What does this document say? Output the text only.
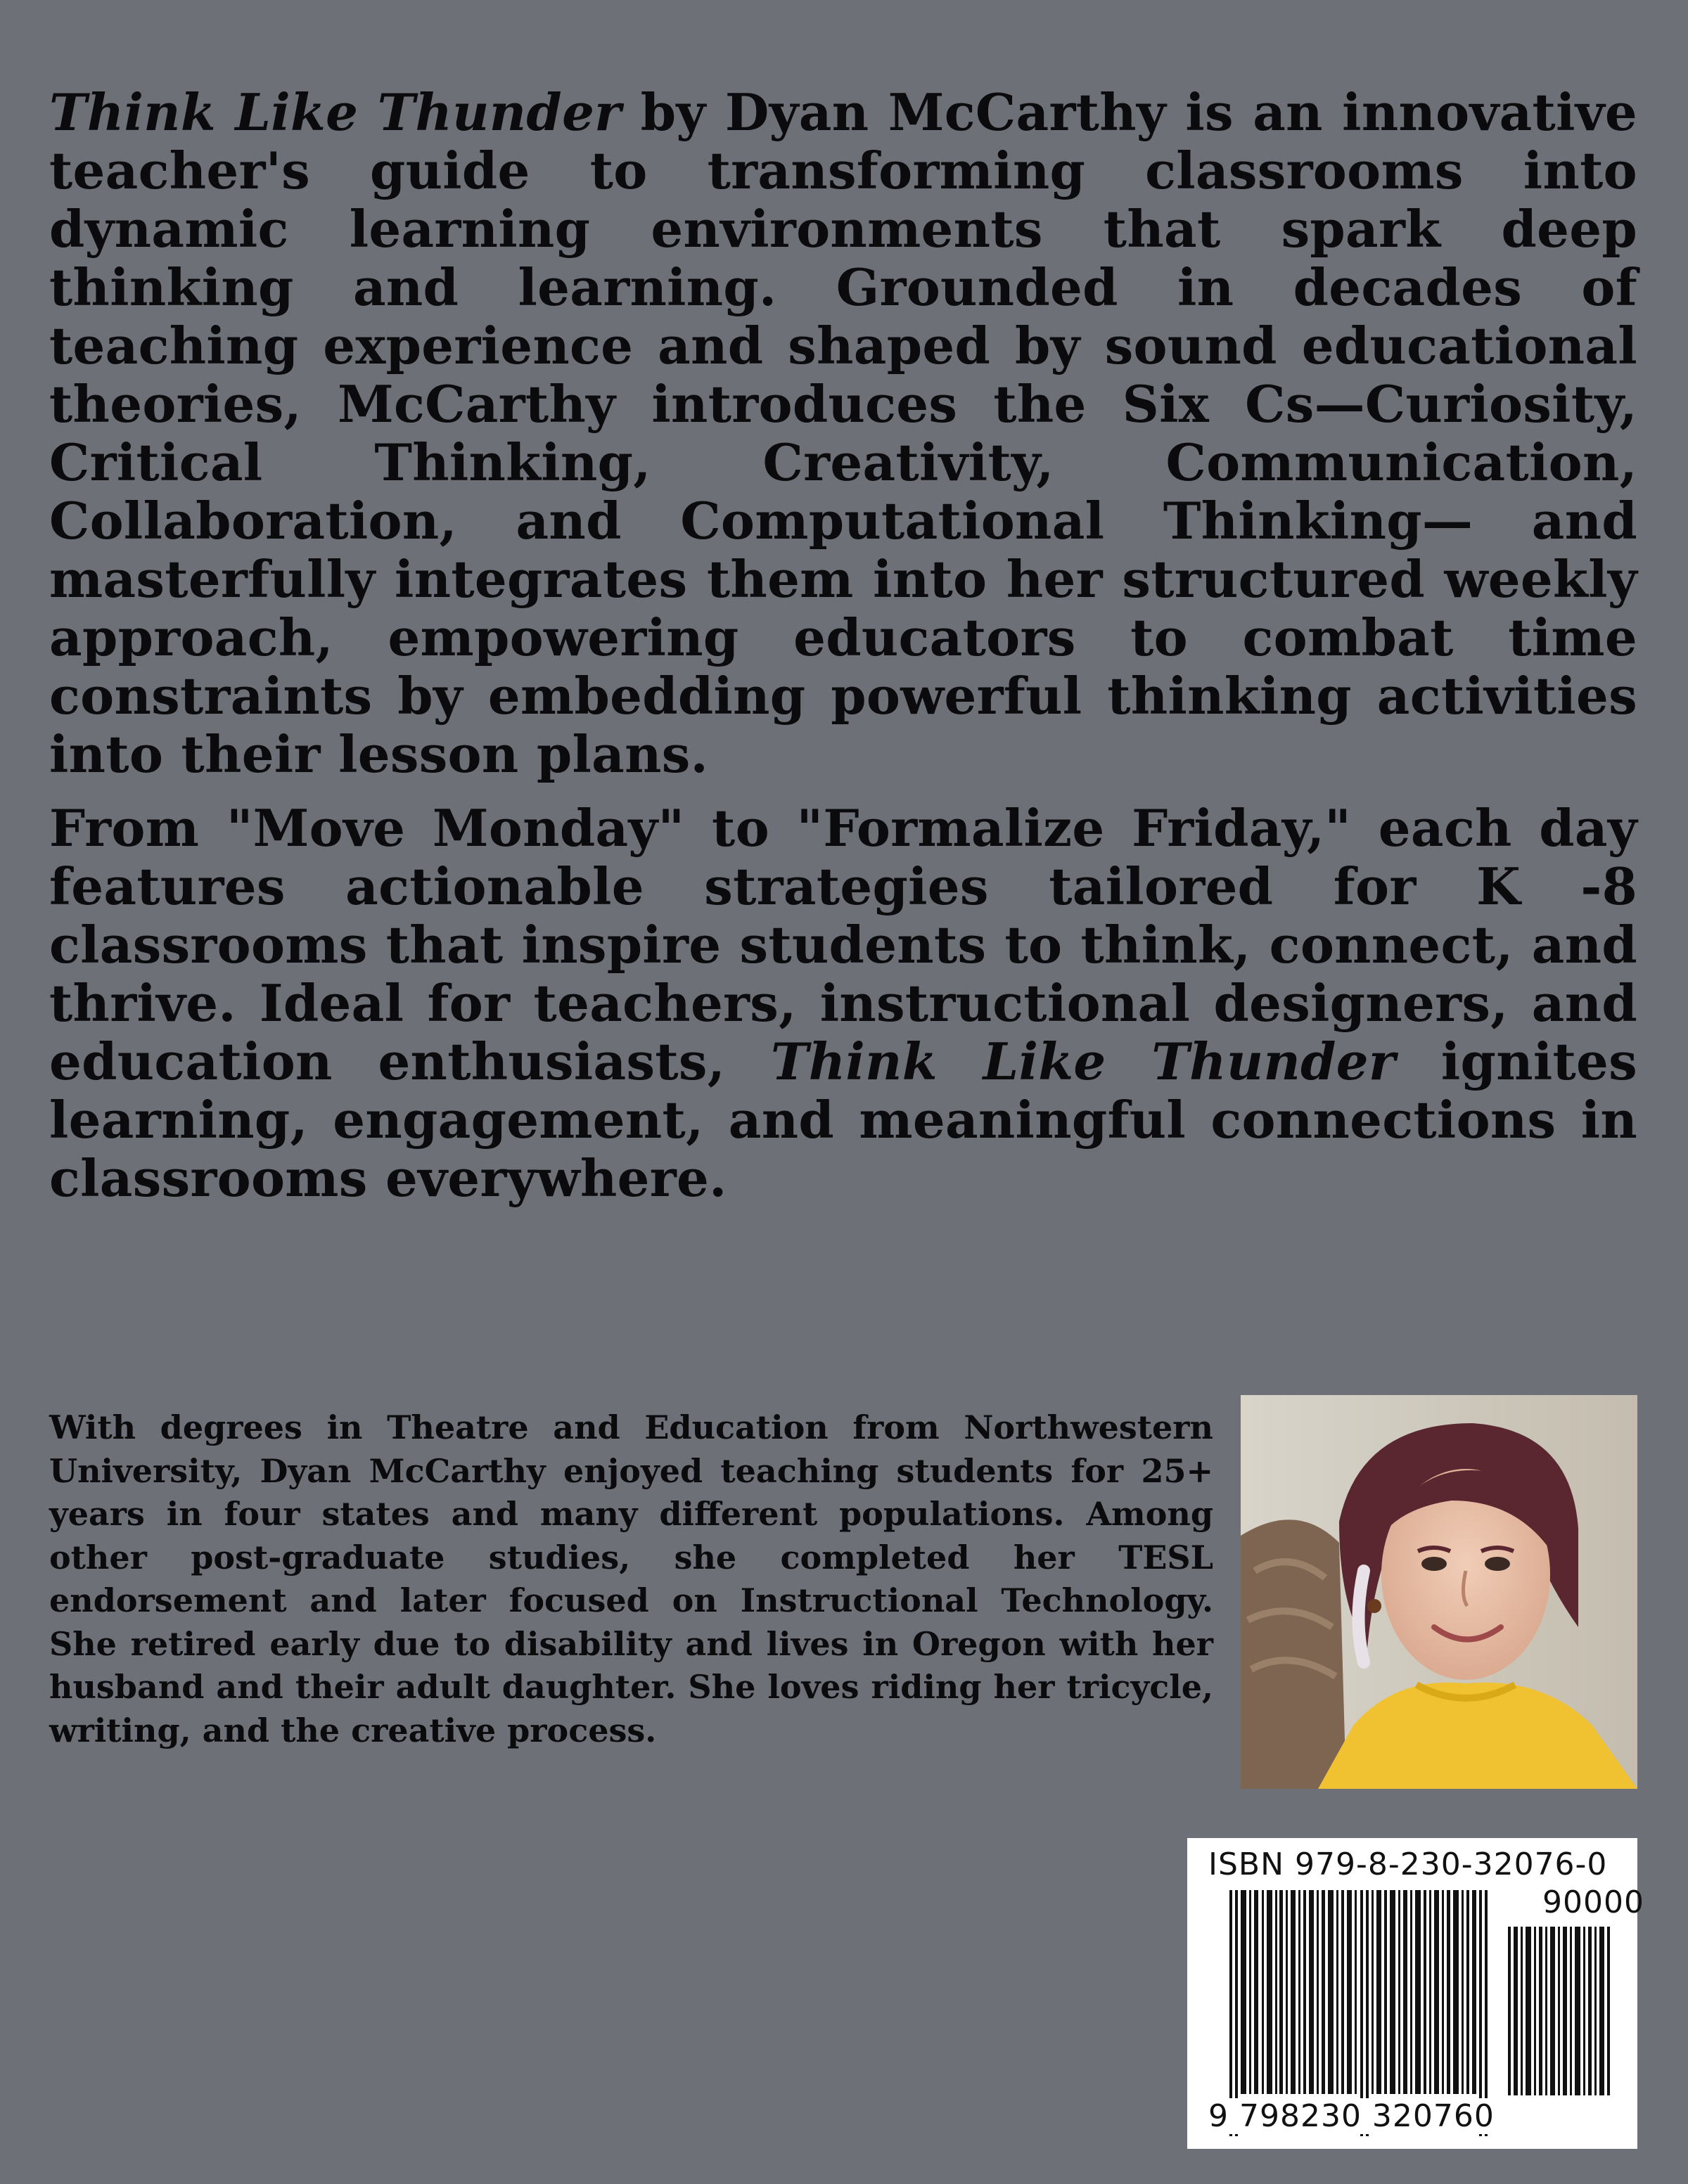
Think Like Thunder by Dyan McCarthy is an innovative teacher's guide to transforming classrooms into dynamic learning environments that spark deep thinking and learning. Grounded in decades of teaching experience and shaped by sound educational theories, McCarthy introduces the Six Cs—Curiosity, Critical Thinking, Creativity, Communication, Collaboration, and Computational Thinking— and masterfully integrates them into her structured weekly approach, empowering educators to combat time constraints by embedding powerful thinking activities into their lesson plans.

From "Move Monday" to "Formalize Friday," each day features actionable strategies tailored for K -8 classrooms that inspire students to think, connect, and thrive. Ideal for teachers, instructional designers, and education enthusiasts, Think Like Thunder ignites learning, engagement, and meaningful connections in classrooms everywhere.

With degrees in Theatre and Education from Northwestern University, Dyan McCarthy enjoyed teaching students for 25+ years in four states and many different populations. Among other post-graduate studies, she completed her TESL endorsement and later focused on Instructional Technology. She retired early due to disability and lives in Oregon with her husband and their adult daughter. She loves riding her tricycle, writing, and the creative process.

ISBN 979-8-230-32076-0
90000
9 798230 320760
